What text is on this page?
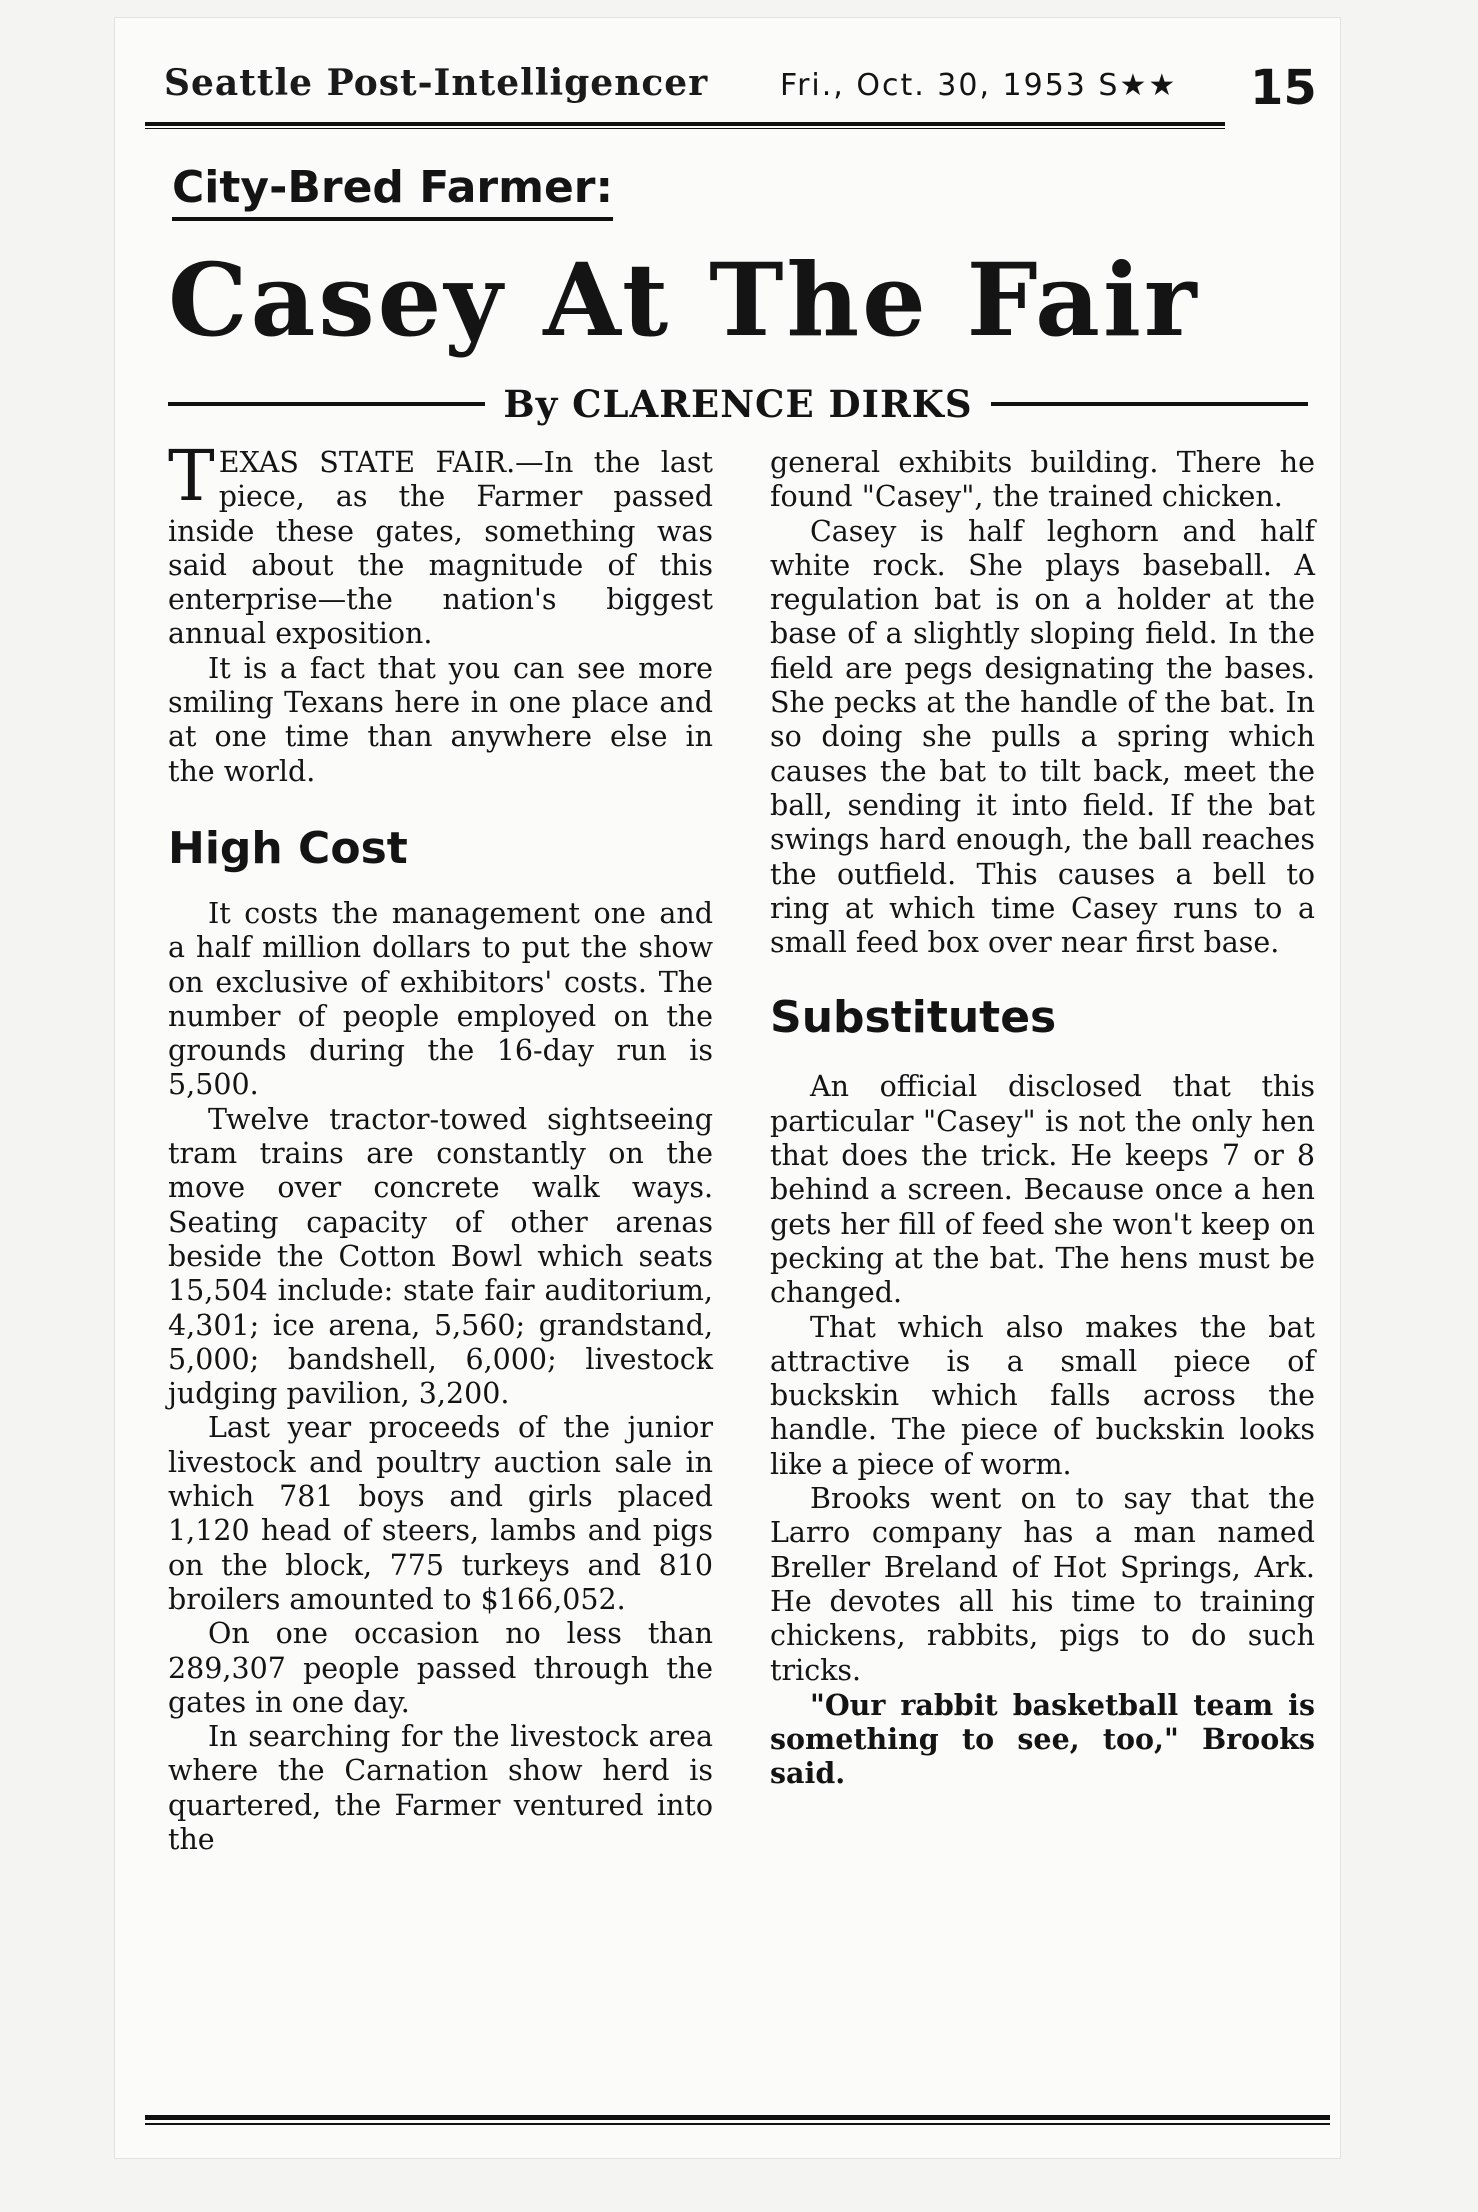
Seattle Post-Intelligencer Fri., Oct. 30, 1953 S★★ 15
City-Bred Farmer:
Casey At The Fair
By CLARENCE DIRKS

TEXAS STATE FAIR.—In the last piece, as the Farmer passed inside these gates, something was said about the magnitude of this enterprise—the nation's biggest annual exposition.

It is a fact that you can see more smiling Texans here in one place and at one time than anywhere else in the world.

High Cost

It costs the management one and a half million dollars to put the show on exclusive of exhibitors' costs. The number of people employed on the grounds during the 16-day run is 5,500.

Twelve tractor-towed sightseeing tram trains are constantly on the move over concrete walk ways. Seating capacity of other arenas beside the Cotton Bowl which seats 15,504 include: state fair auditorium, 4,301; ice arena, 5,560; grandstand, 5,000; bandshell, 6,000; livestock judging pavilion, 3,200.

Last year proceeds of the junior livestock and poultry auction sale in which 781 boys and girls placed 1,120 head of steers, lambs and pigs on the block, 775 turkeys and 810 broilers amounted to $166,052.

On one occasion no less than 289,307 people passed through the gates in one day.

In searching for the livestock area where the Carnation show herd is quartered, the Farmer ventured into the

general exhibits building. There he found "Casey", the trained chicken.

Casey is half leghorn and half white rock. She plays baseball. A regulation bat is on a holder at the base of a slightly sloping field. In the field are pegs designating the bases. She pecks at the handle of the bat. In so doing she pulls a spring which causes the bat to tilt back, meet the ball, sending it into field. If the bat swings hard enough, the ball reaches the outfield. This causes a bell to ring at which time Casey runs to a small feed box over near first base.

Substitutes

An official disclosed that this particular "Casey" is not the only hen that does the trick. He keeps 7 or 8 behind a screen. Because once a hen gets her fill of feed she won't keep on pecking at the bat. The hens must be changed.

That which also makes the bat attractive is a small piece of buckskin which falls across the handle. The piece of buckskin looks like a piece of worm.

Brooks went on to say that the Larro company has a man named Breller Breland of Hot Springs, Ark. He devotes all his time to training chickens, rabbits, pigs to do such tricks.

"Our rabbit basketball team is something to see, too," Brooks said.
